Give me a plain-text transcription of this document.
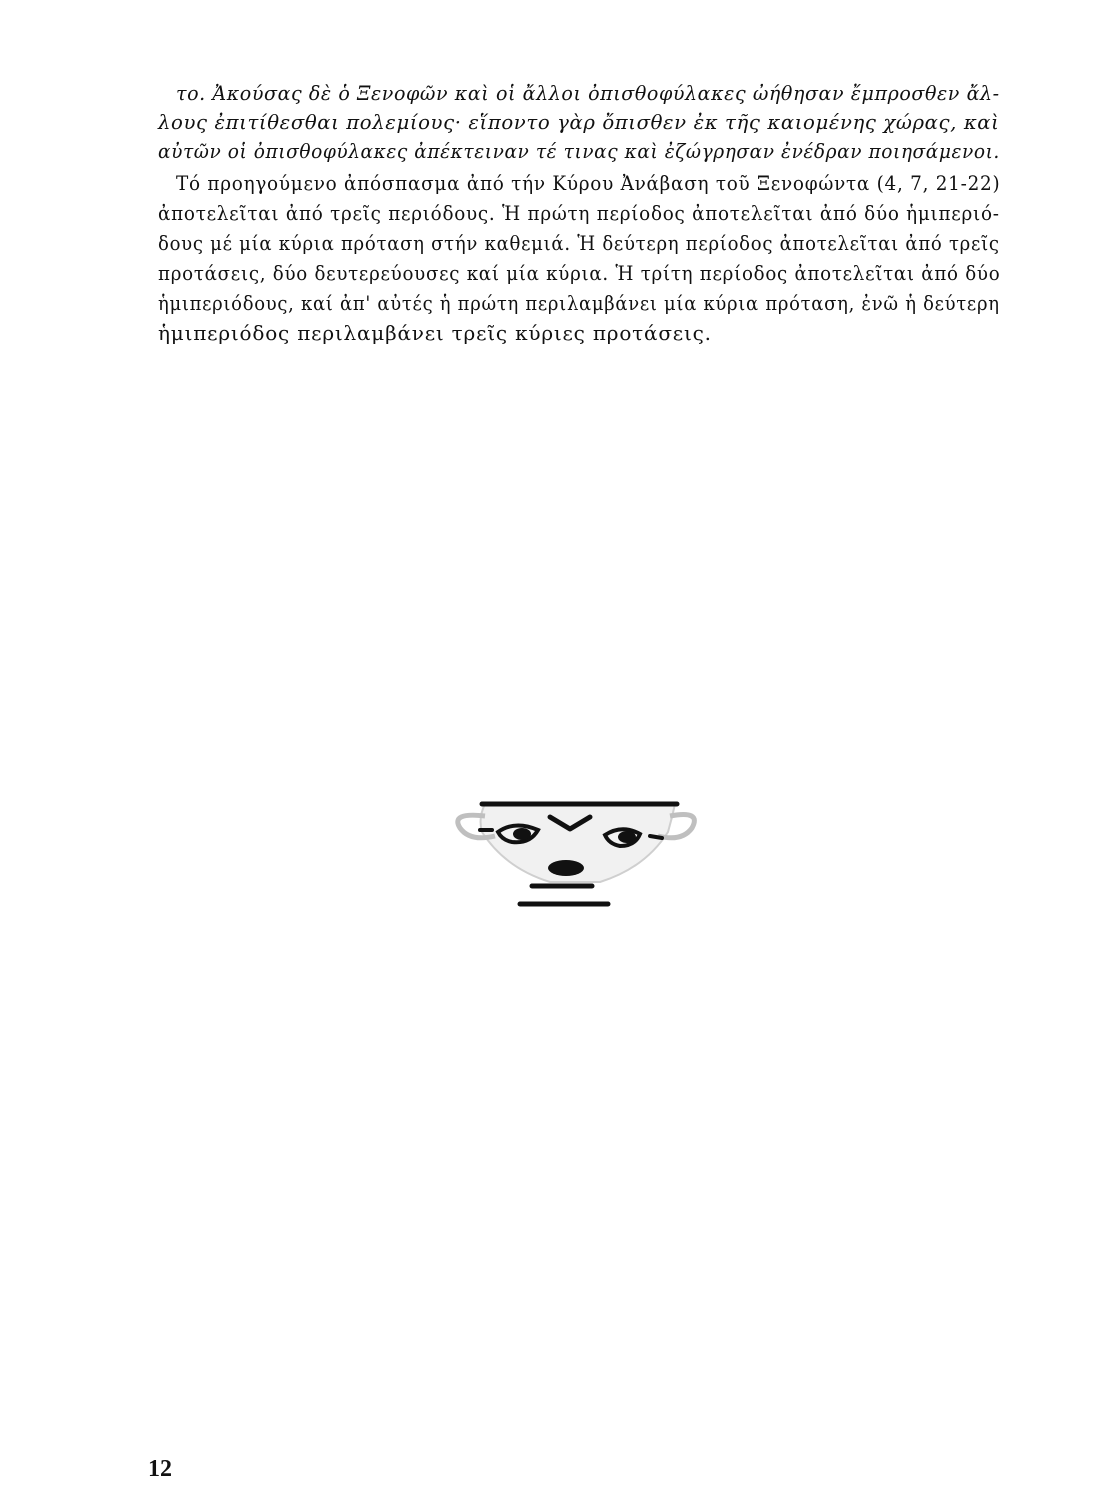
το. Ἀκούσας δὲ ὁ Ξενοφῶν καὶ οἱ ἄλλοι ὀπισθοφύλακες ὠήθησαν ἔμπροσθεν ἄλ-

λους ἐπιτίθεσθαι πολεμίους· εἵποντο γὰρ ὄπισθεν ἐκ τῆς καιομένης χώρας, καὶ

αὐτῶν οἱ ὀπισθοφύλακες ἀπέκτειναν τέ τινας καὶ ἐζώγρησαν ἐνέδραν ποιησάμενοι.

Τό προηγούμενο ἀπόσπασμα ἀπό τήν Κύρου Ἀνάβαση τοῦ Ξενοφώντα (4, 7, 21-22)

ἀποτελεῖται ἀπό τρεῖς περιόδους. Ἡ πρώτη περίοδος ἀποτελεῖται ἀπό δύο ἡμιπεριό-

δους μέ μία κύρια πρόταση στήν καθεμιά. Ἡ δεύτερη περίοδος ἀποτελεῖται ἀπό τρεῖς

προτάσεις, δύο δευτερεύουσες καί μία κύρια. Ἡ τρίτη περίοδος ἀποτελεῖται ἀπό δύο

ἡμιπεριόδους, καί ἀπ' αὐτές ἡ πρώτη περιλαμβάνει μία κύρια πρόταση, ἐνῶ ἡ δεύτερη

ἡμιπεριόδος περιλαμβάνει τρεῖς κύριες προτάσεις.

12
